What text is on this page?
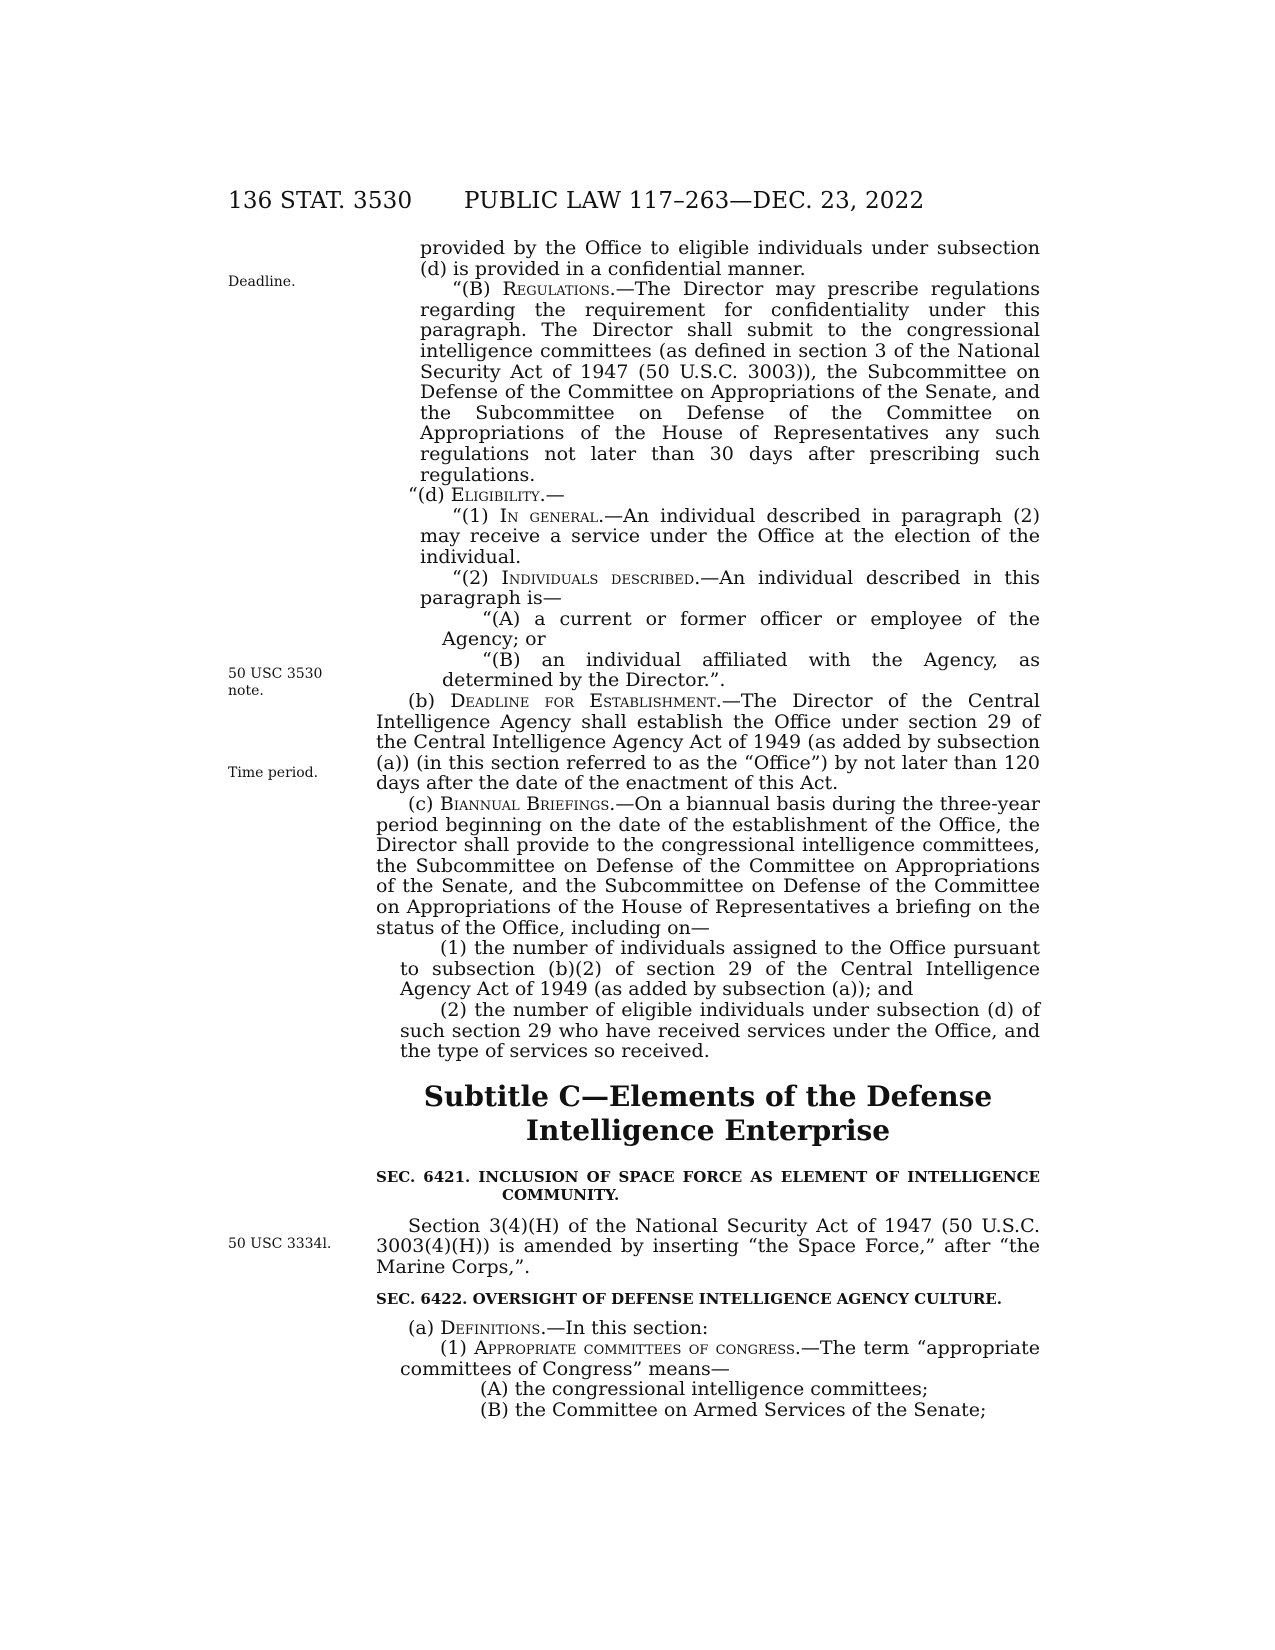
136 STAT. 3530 PUBLIC LAW 117–263—DEC. 23, 2022
Deadline.
50 USC 3530
note.
Time period.
50 USC 3334l.

provided by the Office to eligible individuals under subsection (d) is provided in a confidential manner.

“(B) Regulations.—The Director may prescribe regulations regarding the requirement for confidentiality under this paragraph. The Director shall submit to the congressional intelligence committees (as defined in section 3 of the National Security Act of 1947 (50 U.S.C. 3003)), the Subcommittee on Defense of the Committee on Appropriations of the Senate, and the Subcommittee on Defense of the Committee on Appropriations of the House of Representatives any such regulations not later than 30 days after prescribing such regulations.

“(d) Eligibility.—

“(1) In general.—An individual described in paragraph (2) may receive a service under the Office at the election of the individual.

“(2) Individuals described.—An individual described in this paragraph is—

“(A) a current or former officer or employee of the Agency; or

“(B) an individual affiliated with the Agency, as determined by the Director.”.

(b) Deadline for Establishment.—The Director of the Central Intelligence Agency shall establish the Office under section 29 of the Central Intelligence Agency Act of 1949 (as added by subsection (a)) (in this section referred to as the “Office”) by not later than 120 days after the date of the enactment of this Act.

(c) Biannual Briefings.—On a biannual basis during the three-year period beginning on the date of the establishment of the Office, the Director shall provide to the congressional intelligence committees, the Subcommittee on Defense of the Committee on Appropriations of the Senate, and the Subcommittee on Defense of the Committee on Appropriations of the House of Representatives a briefing on the status of the Office, including on—

(1) the number of individuals assigned to the Office pursuant to subsection (b)(2) of section 29 of the Central Intelligence Agency Act of 1949 (as added by subsection (a)); and

(2) the number of eligible individuals under subsection (d) of such section 29 who have received services under the Office, and the type of services so received.

Subtitle C—Elements of the Defense
Intelligence Enterprise

SEC. 6421. INCLUSION OF SPACE FORCE AS ELEMENT OF INTELLIGENCE COMMUNITY.

Section 3(4)(H) of the National Security Act of 1947 (50 U.S.C. 3003(4)(H)) is amended by inserting “the Space Force,” after “the Marine Corps,”.

SEC. 6422. OVERSIGHT OF DEFENSE INTELLIGENCE AGENCY CULTURE.

(a) Definitions.—In this section:

(1) Appropriate committees of congress.—The term “appropriate committees of Congress” means—

(A) the congressional intelligence committees;

(B) the Committee on Armed Services of the Senate;
